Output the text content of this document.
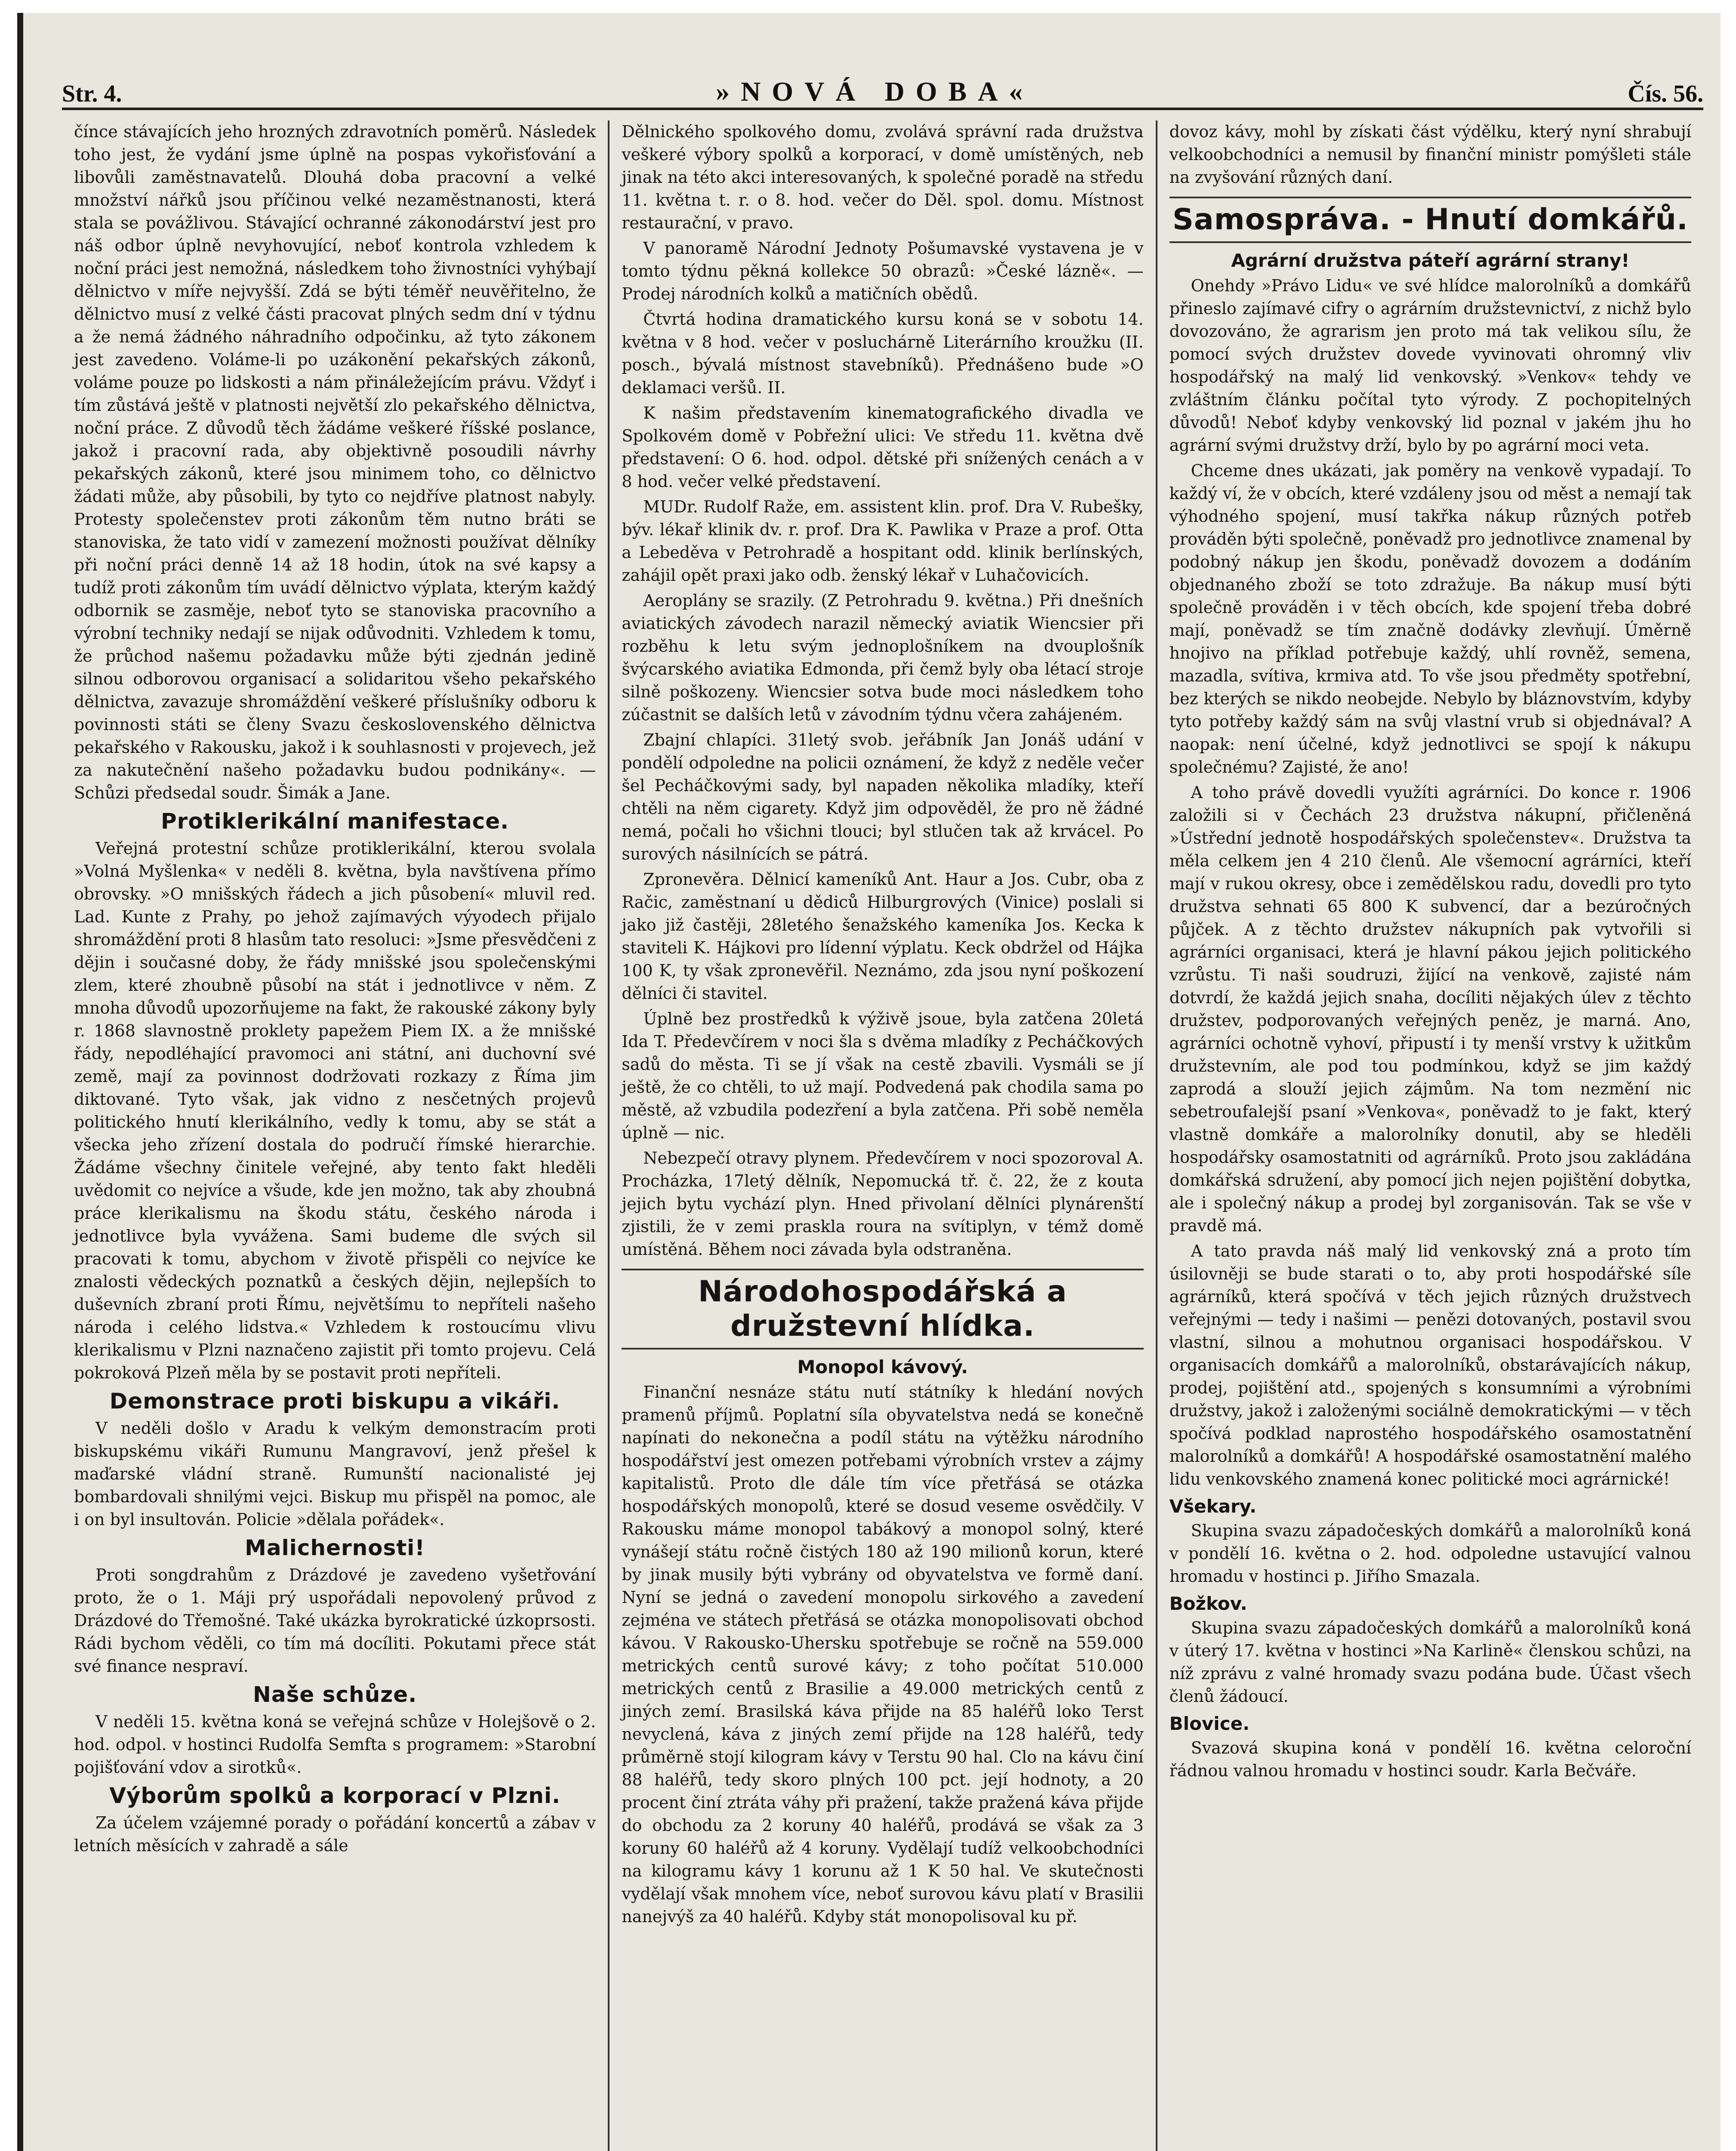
Str. 4.	»NOVÁ DOBA«	Čís. 56.

čínce stávajících jeho hrozných zdravotních poměrů. Následek toho jest, že vydání jsme úplně na pospas vykořisťování a libovůli zaměstnavatelů. Dlouhá doba pracovní a velké množství nářků jsou příčinou velké nezaměstnanosti, která stala se povážlivou. Stávající ochranné zákonodárství jest pro náš odbor úplně nevyhovující, neboť kontrola vzhledem k noční práci jest nemožná, následkem toho živnostníci vyhýbají dělnictvo v míře nejvyšší. Zdá se býti téměř neuvěřitelno, že dělnictvo musí z velké části pracovat plných sedm dní v týdnu a že nemá žádného náhradního odpočinku, až tyto zákonem jest zavedeno. Voláme-li po uzákonění pekařských zákonů, voláme pouze po lidskosti a nám přináležejícím právu. Vždyť i tím zůstává ještě v platnosti největší zlo pekařského dělnictva, noční práce. Z důvodů těch žádáme veškeré říšské poslance, jakož i pracovní rada, aby objektivně posoudili návrhy pekařských zákonů, které jsou minimem toho, co dělnictvo žádati může, aby působili, by tyto co nejdříve platnost nabyly. Protesty společenstev proti zákonům těm nutno bráti se stanoviska, že tato vidí v zamezení možnosti používat dělníky při noční práci denně 14 až 18 hodin, útok na své kapsy a tudíž proti zákonům tím uvádí dělnictvo výplata, kterým každý odbornik se zasměje, neboť tyto se stanoviska pracovního a výrobní techniky nedají se nijak odůvodniti. Vzhledem k tomu, že průchod našemu požadavku může býti zjednán jedině silnou odborovou organisací a solidaritou všeho pekařského dělnictva, zavazuje shromáždění veškeré příslušníky odboru k povinnosti státi se členy Svazu československého dělnictva pekařského v Rakousku, jakož i k souhlasnosti v projevech, jež za nakutečnění našeho požadavku budou podnikány«. — Schůzi předsedal soudr. Šimák a Jane.

Protiklerikální manifestace.

Veřejná protestní schůze protiklerikální, kterou svolala »Volná Myšlenka« v neděli 8. května, byla navštívena přímo obrovsky. »O mnišských řádech a jich působení« mluvil red. Lad. Kunte z Prahy, po jehož zajímavých výyodech přijalo shromáždění proti 8 hlasům tato resoluci: »Jsme přesvědčeni z dějin i současné doby, že řády mnišské jsou společenskými zlem, které zhoubně působí na stát i jednotlivce v něm. Z mnoha důvodů upozorňujeme na fakt, že rakouské zákony byly r. 1868 slavnostně proklety papežem Piem IX. a že mnišské řády, nepodléhající pravomoci ani státní, ani duchovní své země, mají za povinnost dodržovati rozkazy z Říma jim diktované. Tyto však, jak vidno z nesčetných projevů politického hnutí klerikálního, vedly k tomu, aby se stát a všecka jeho zřízení dostala do područí římské hierarchie. Žádáme všechny činitele veřejné, aby tento fakt hleděli uvědomit co nejvíce a všude, kde jen možno, tak aby zhoubná práce klerikalismu na škodu státu, českého národa i jednotlivce byla vyvážena. Sami budeme dle svých sil pracovati k tomu, abychom v životě přispěli co nejvíce ke znalosti vědeckých poznatků a českých dějin, nejlepších to duševních zbraní proti Římu, největšímu to nepříteli našeho národa i celého lidstva.« Vzhledem k rostoucímu vlivu klerikalismu v Plzni naznačeno zajistit při tomto projevu. Celá pokroková Plzeň měla by se postavit proti nepříteli.

Demonstrace proti biskupu a vikáři.

V neděli došlo v Aradu k velkým demonstracím proti biskupskému vikáři Rumunu Mangravoví, jenž přešel k maďarské vládní straně. Rumunští nacionalisté jej bombardovali shnilými vejci. Biskup mu přispěl na pomoc, ale i on byl insultován. Policie »dělala pořádek«.

Malichernosti!

Proti songdrahům z Drázdové je zavedeno vyšetřování proto, že o 1. Máji prý uspořádali nepovolený průvod z Drázdové do Třemošné. Také ukázka byrokratické úzkoprsosti. Rádi bychom věděli, co tím má docíliti. Pokutami přece stát své finance nespraví.

Naše schůze.

V neděli 15. května koná se veřejná schůze v Holejšově o 2. hod. odpol. v hostinci Rudolfa Semfta s programem: »Starobní pojišťování vdov a sirotků«.

Výborům spolků a korporací v Plzni.

Za účelem vzájemné porady o pořádání koncertů a zábav v letních měsících v zahradě a sále

Dělnického spolkového domu, zvolává správní rada družstva veškeré výbory spolků a korporací, v domě umístěných, neb jinak na této akci interesovaných, k společné poradě na středu 11. května t. r. o 8. hod. večer do Děl. spol. domu. Místnost restaurační, v pravo.

V panoramě Národní Jednoty Pošumavské vystavena je v tomto týdnu pěkná kollekce 50 obrazů: »České lázně«. — Prodej národních kolků a matičních obědů.

Čtvrtá hodina dramatického kursu koná se v sobotu 14. května v 8 hod. večer v posluchárně Literárního kroužku (II. posch., bývalá místnost stavebníků). Přednášeno bude »O deklamaci veršů. II.

K našim představením kinematografického divadla ve Spolkovém domě v Pobřežní ulici: Ve středu 11. května dvě představení: O 6. hod. odpol. dětské při snížených cenách a v 8 hod. večer velké představení.

MUDr. Rudolf Raže, em. assistent klin. prof. Dra V. Rubešky, býv. lékař klinik dv. r. prof. Dra K. Pawlika v Praze a prof. Otta a Lebeděva v Petrohradě a hospitant odd. klinik berlínských, zahájil opět praxi jako odb. ženský lékař v Luhačovicích.

Aeroplány se srazily. (Z Petrohradu 9. května.) Při dnešních aviatických závodech narazil německý aviatik Wiencsier při rozběhu k letu svým jednoplošníkem na dvouplošník švýcarského aviatika Edmonda, při čemž byly oba létací stroje silně poškozeny. Wiencsier sotva bude moci následkem toho zúčastnit se dalších letů v závodním týdnu včera zahájeném.

Zbajní chlapíci. 31letý svob. jeřábník Jan Jonáš udání v pondělí odpoledne na policii oznámení, že když z neděle večer šel Pecháčkovými sady, byl napaden několika mladíky, kteří chtěli na něm cigarety. Když jim odpověděl, že pro ně žádné nemá, počali ho všichni tlouci; byl stlučen tak až krvácel. Po surových násilnících se pátrá.

Zpronevěra. Dělnicí kameníků Ant. Haur a Jos. Cubr, oba z Račic, zaměstnaní u dědiců Hilburgrových (Vinice) poslali si jako již častěji, 28letého šenažského kameníka Jos. Kecka k staviteli K. Hájkovi pro lídenní výplatu. Keck obdržel od Hájka 100 K, ty však zpronevěřil. Neznámo, zda jsou nyní poškození dělníci či stavitel.

Úplně bez prostředků k výživě jsoue, byla zatčena 20letá Ida T. Předevčírem v noci šla s dvěma mladíky z Pecháčkových sadů do města. Ti se jí však na cestě zbavili. Vysmáli se jí ještě, že co chtěli, to už mají. Podvedená pak chodila sama po městě, až vzbudila podezření a byla zatčena. Při sobě neměla úplně — nic.

Nebezpečí otravy plynem. Předevčírem v noci spozoroval A. Procházka, 17letý dělník, Nepomucká tř. č. 22, že z kouta jejich bytu vychází plyn. Hned přivolaní dělníci plynárenští zjistili, že v zemi praskla roura na svítiplyn, v témž domě umístěná. Během noci závada byla odstraněna.

Národohospodářská a družstevní hlídka.
Monopol kávový.

Finanční nesnáze státu nutí státníky k hledání nových pramenů příjmů. Poplatní síla obyvatelstva nedá se konečně napínati do nekonečna a podíl státu na výtěžku národního hospodářství jest omezen potřebami výrobních vrstev a zájmy kapitalistů. Proto dle dále tím více přetřásá se otázka hospodářských monopolů, které se dosud veseme osvědčily. V Rakousku máme monopol tabákový a monopol solný, které vynášejí státu ročně čistých 180 až 190 milionů korun, které by jinak musily býti vybrány od obyvatelstva ve formě daní. Nyní se jedná o zavedení monopolu sirkového a zavedení zejména ve státech přetřásá se otázka monopolisovati obchod kávou. V Rakousko-Uhersku spotřebuje se ročně na 559.000 metrických centů surové kávy; z toho počítat 510.000 metrických centů z Brasilie a 49.000 metrických centů z jiných zemí. Brasilská káva přijde na 85 haléřů loko Terst nevyclená, káva z jiných zemí přijde na 128 haléřů, tedy průměrně stojí kilogram kávy v Terstu 90 hal. Clo na kávu činí 88 haléřů, tedy skoro plných 100 pct. její hodnoty, a 20 procent činí ztráta váhy při pražení, takže pražená káva přijde do obchodu za 2 koruny 40 haléřů, prodává se však za 3 koruny 60 haléřů až 4 koruny. Vydělají tudíž velkoobchodníci na kilogramu kávy 1 korunu až 1 K 50 hal. Ve skutečnosti vydělají však mnohem více, neboť surovou kávu platí v Brasilii nanejvýš za 40 haléřů. Kdyby stát monopolisoval ku př.

dovoz kávy, mohl by získati část výdělku, který nyní shrabují velkoobchodníci a nemusil by finanční ministr pomýšleti stále na zvyšování různých daní.

Samospráva. - Hnutí domkářů.
Agrární družstva páteří agrární strany!

Onehdy »Právo Lidu« ve své hlídce malorolníků a domkářů přineslo zajímavé cifry o agrárním družstevnictví, z nichž bylo dovozováno, že agrarism jen proto má tak velikou sílu, že pomocí svých družstev dovede vyvinovati ohromný vliv hospodářský na malý lid venkovský. »Venkov« tehdy ve zvláštním článku počítal tyto výrody. Z pochopitelných důvodů! Neboť kdyby venkovský lid poznal v jakém jhu ho agrární svými družstvy drží, bylo by po agrární moci veta.

Chceme dnes ukázati, jak poměry na venkově vypadají. To každý ví, že v obcích, které vzdáleny jsou od měst a nemají tak výhodného spojení, musí takřka nákup různých potřeb prováděn býti společně, poněvadž pro jednotlivce znamenal by podobný nákup jen škodu, poněvadž dovozem a dodáním objednaného zboží se toto zdražuje. Ba nákup musí býti společně prováděn i v těch obcích, kde spojení třeba dobré mají, poněvadž se tím značně dodávky zlevňují. Úměrně hnojivo na příklad potřebuje každý, uhlí rovněž, semena, mazadla, svítiva, krmiva atd. To vše jsou předměty spotřební, bez kterých se nikdo neobejde. Nebylo by bláznovstvím, kdyby tyto potřeby každý sám na svůj vlastní vrub si objednával? A naopak: není účelné, když jednotlivci se spojí k nákupu společnému? Zajisté, že ano!

A toho právě dovedli využíti agrárníci. Do konce r. 1906 založili si v Čechách 23 družstva nákupní, přičleněná »Ústřední jednotě hospodářských společenstev«. Družstva ta měla celkem jen 4 210 členů. Ale všemocní agrárníci, kteří mají v rukou okresy, obce i zemědělskou radu, dovedli pro tyto družstva sehnati 65 800 K subvencí, dar a bezúročných půjček. A z těchto družstev nákupních pak vytvořili si agrárníci organisaci, která je hlavní pákou jejich politického vzrůstu. Ti naši soudruzi, žijící na venkově, zajisté nám dotvrdí, že každá jejich snaha, docíliti nějakých úlev z těchto družstev, podporovaných veřejných peněz, je marná. Ano, agrárníci ochotně vyhoví, připustí i ty menší vrstvy k užitkům družstevním, ale pod tou podmínkou, když se jim každý zaprodá a slouží jejich zájmům. Na tom nezmění nic sebetroufalejší psaní »Venkova«, poněvadž to je fakt, který vlastně domkáře a malorolníky donutil, aby se hleděli hospodářsky osamostatniti od agrárníků. Proto jsou zakládána domkářská sdružení, aby pomocí jich nejen pojištění dobytka, ale i společný nákup a prodej byl zorganisován. Tak se vše v pravdě má.

A tato pravda náš malý lid venkovský zná a proto tím úsilovněji se bude starati o to, aby proti hospodářské síle agrárníků, která spočívá v těch jejich různých družstvech veřejnými — tedy i našimi — penězi dotovaných, postavil svou vlastní, silnou a mohutnou organisaci hospodářskou. V organisacích domkářů a malorolníků, obstarávajících nákup, prodej, pojištění atd., spojených s konsumními a výrobními družstvy, jakož i založenými sociálně demokratickými — v těch spočívá podklad naprostého hospodářského osamostatnění malorolníků a domkářů! A hospodářské osamostatnění malého lidu venkovského znamená konec politické moci agrárnické!

Všekary.

Skupina svazu západočeských domkářů a malorolníků koná v pondělí 16. května o 2. hod. odpoledne ustavující valnou hromadu v hostinci p. Jiřího Smazala.

Božkov.

Skupina svazu západočeských domkářů a malorolníků koná v úterý 17. května v hostinci »Na Karlině« členskou schůzi, na níž zprávu z valné hromady svazu podána bude. Účast všech členů žádoucí.

Blovice.

Svazová skupina koná v pondělí 16. května celoroční řádnou valnou hromadu v hostinci soudr. Karla Bečváře.
